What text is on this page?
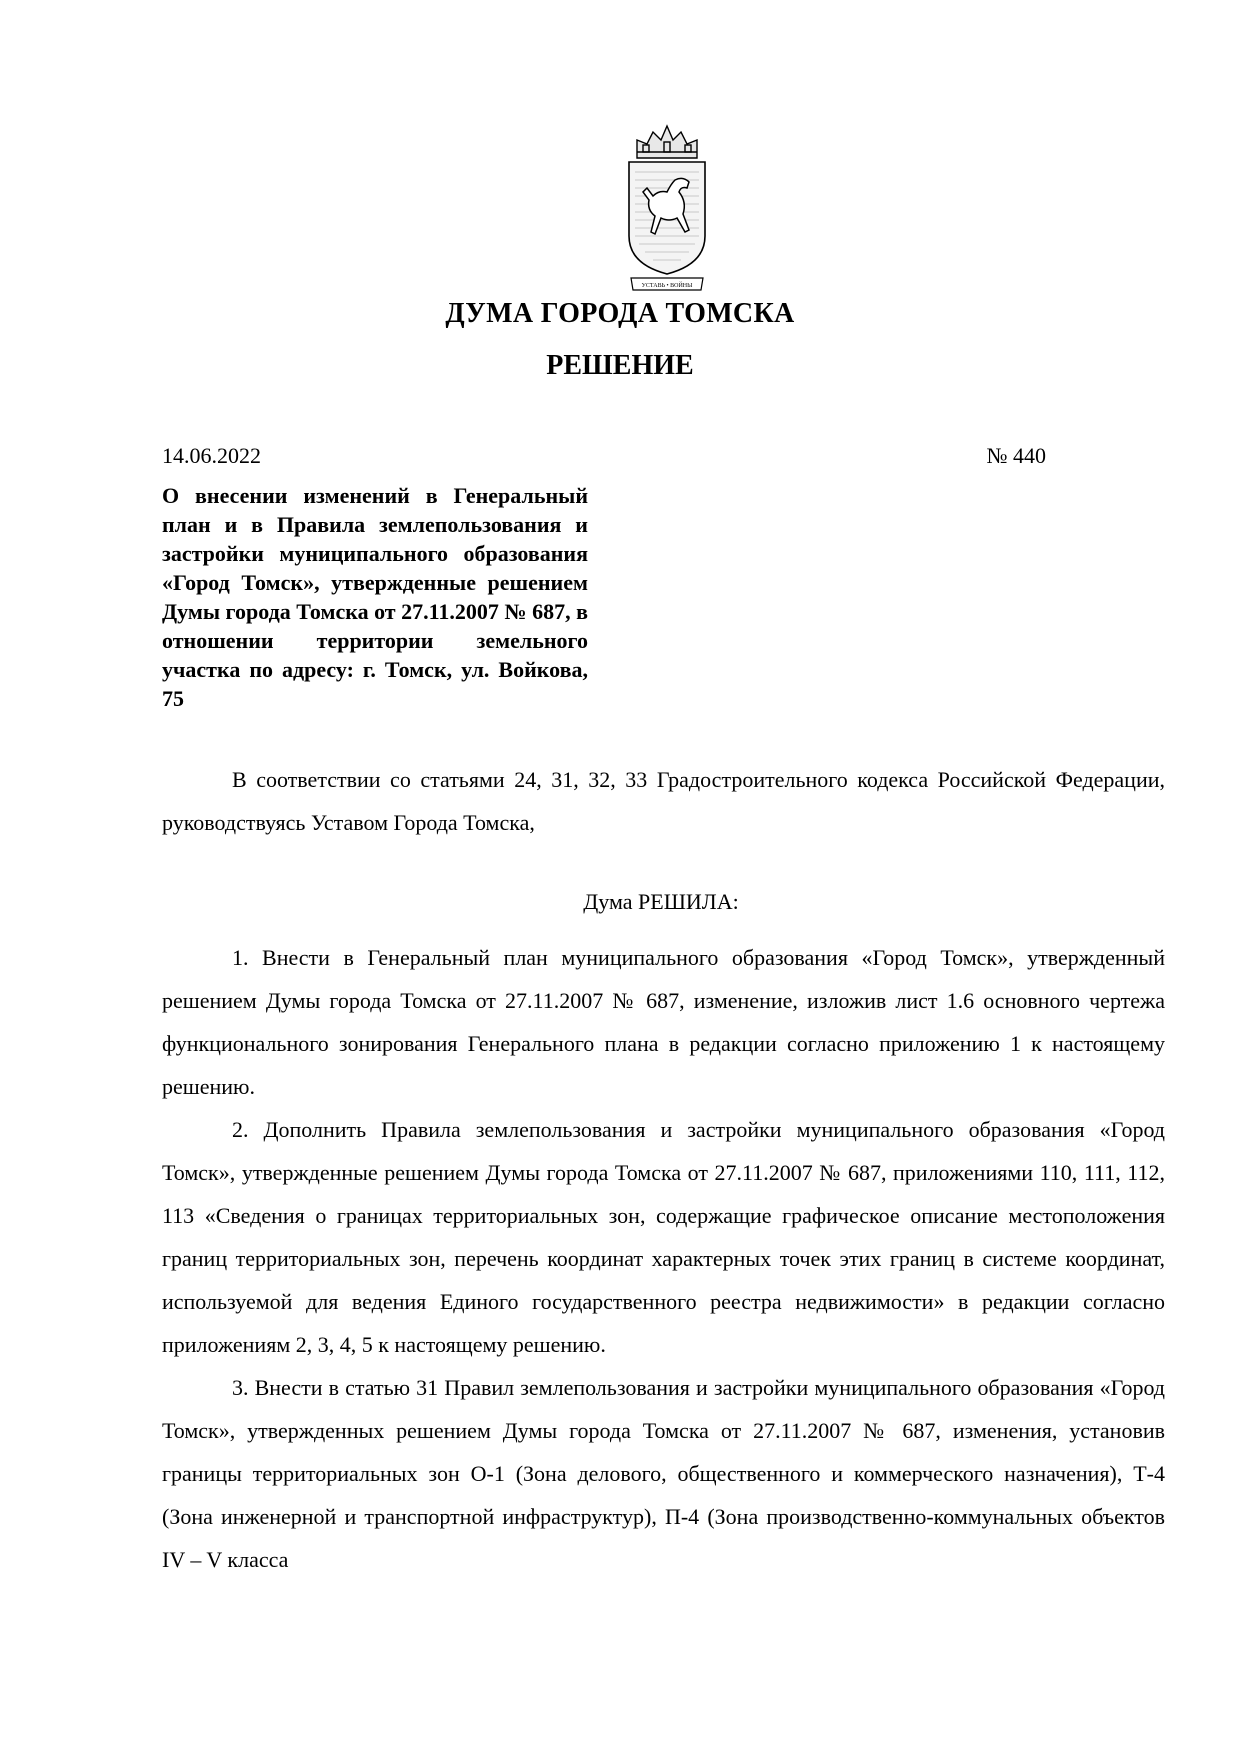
УСТАВЬ • ВОЙНЫ
ДУМА ГОРОДА ТОМСКА
РЕШЕНИЕ
14.06.2022	№ 440

О внесении изменений в Генеральный план и в Правила землепользования и застройки муниципального образования «Город Томск», утвержденные решением Думы города Томска от 27.11.2007 № 687, в отношении территории земельного участка по адресу: г. Томск, ул. Войкова, 75

В соответствии со статьями 24, 31, 32, 33 Градостроительного кодекса Российской Федерации, руководствуясь Уставом Города Томска,

Дума РЕШИЛА:

1. Внести в Генеральный план муниципального образования «Город Томск», утвержденный решением Думы города Томска от 27.11.2007 № 687, изменение, изложив лист 1.6 основного чертежа функционального зонирования Генерального плана в редакции согласно приложению 1 к настоящему решению.

2. Дополнить Правила землепользования и застройки муниципального образования «Город Томск», утвержденные решением Думы города Томска от 27.11.2007 № 687, приложениями 110, 111, 112, 113 «Сведения о границах территориальных зон, содержащие графическое описание местоположения границ территориальных зон, перечень координат характерных точек этих границ в системе координат, используемой для ведения Единого государственного реестра недвижимости» в редакции согласно приложениям 2, 3, 4, 5 к настоящему решению.

3. Внести в статью 31 Правил землепользования и застройки муниципального образования «Город Томск», утвержденных решением Думы города Томска от 27.11.2007 № 687, изменения, установив границы территориальных зон О-1 (Зона делового, общественного и коммерческого назначения), Т-4 (Зона инженерной и транспортной инфраструктур), П-4 (Зона производственно-коммунальных объектов IV – V класса
